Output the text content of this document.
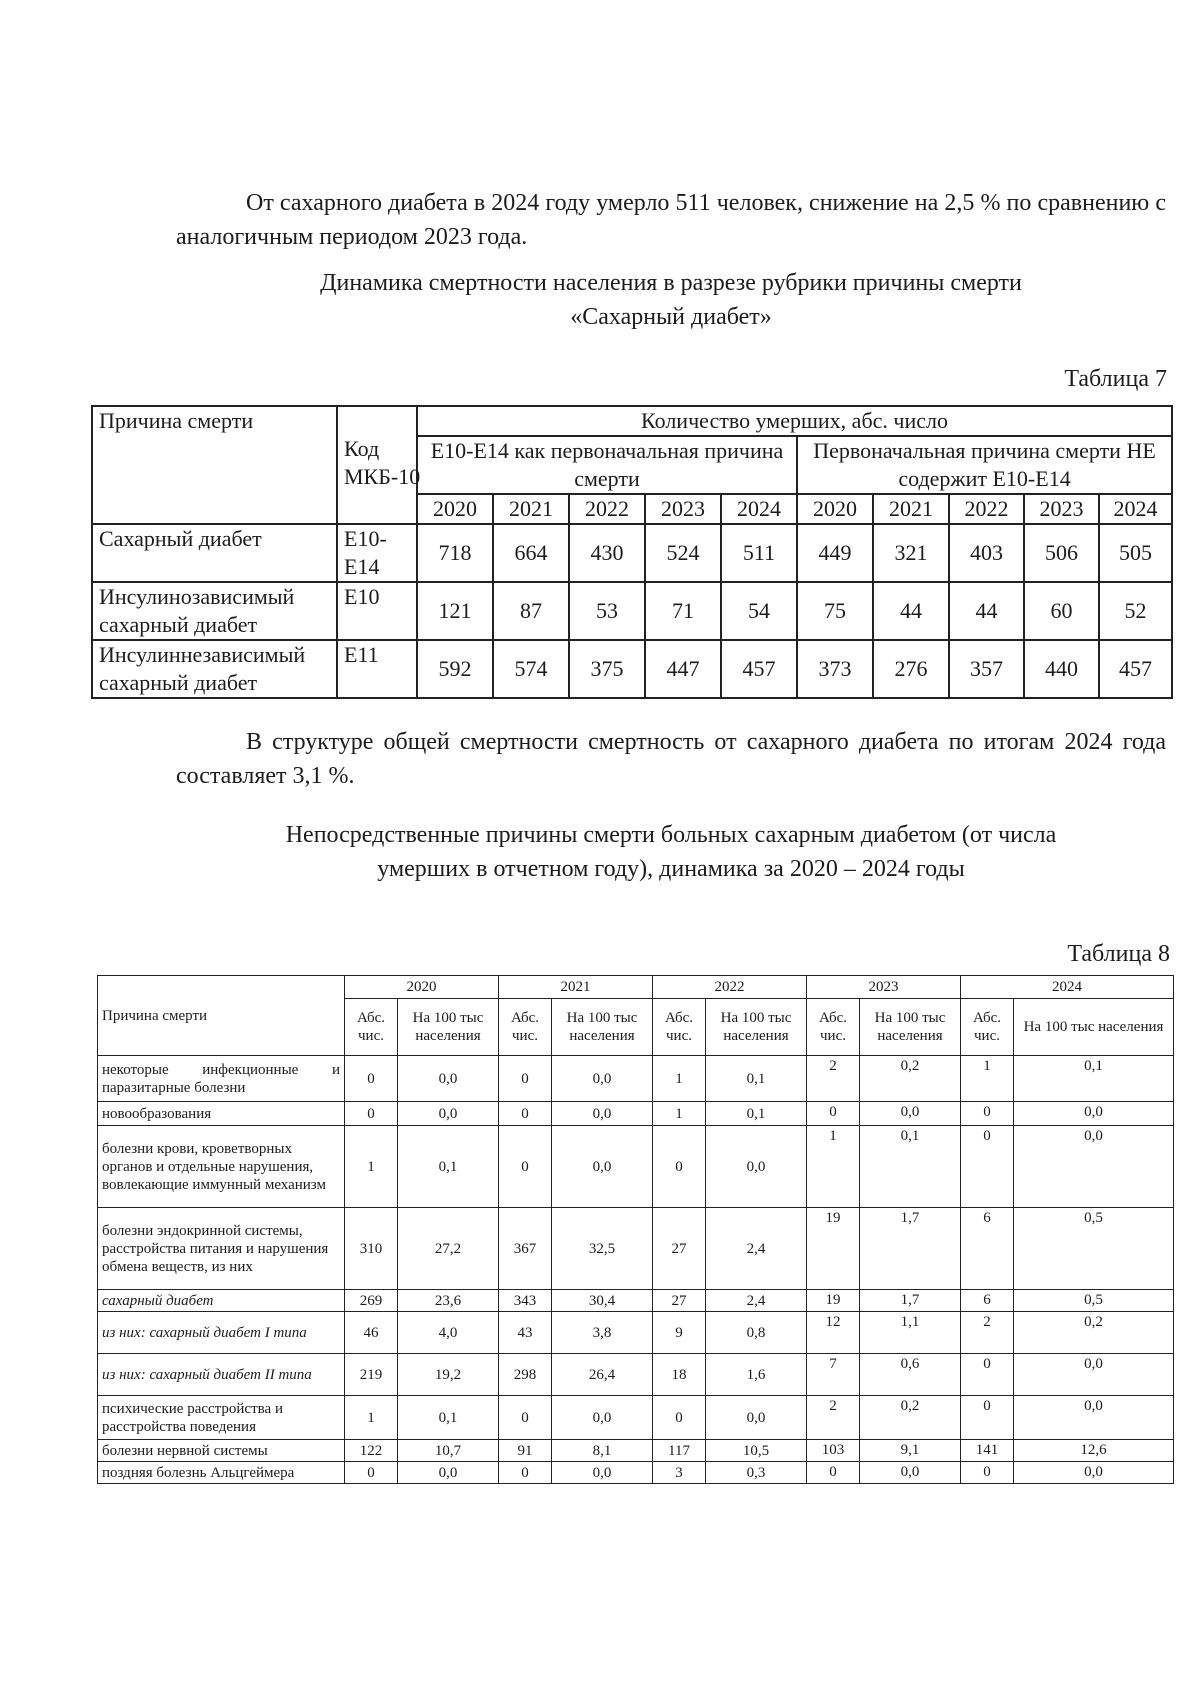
От сахарного диабета в 2024 году умерло 511 человек, снижение на 2,5 % по сравнению с аналогичным периодом 2023 года.
Динамика смертности населения в разрезе рубрики причины смерти
«Сахарный диабет»
Таблица 7
Причина смерти	Код МКБ-10	Количество умерших, абс. число									
		Е10-Е14 как первоначальная причина смерти					Первоначальная причина смерти НЕ содержит Е10-Е14				
		2020	2021	2022	2023	2024	2020	2021	2022	2023	2024
Сахарный диабет	Е10-Е14	718	664	430	524	511	449	321	403	506	505
Инсулинозависимый сахарный диабет	Е10	121	87	53	71	54	75	44	44	60	52
Инсулиннезависимый сахарный диабет	Е11	592	574	375	447	457	373	276	357	440	457
В структуре общей смертности смертность от сахарного диабета по итогам 2024 года составляет 3,1 %.
Непосредственные причины смерти больных сахарным диабетом (от числа
умерших в отчетном году), динамика за 2020 – 2024 годы
Таблица 8
Причина смерти	2020		2021		2022		2023		2024	
	Абс. чис.	На 100 тыс населения	Абс. чис.	На 100 тыс населения	Абс. чис.	На 100 тыс населения	Абс. чис.	На 100 тыс населения	Абс. чис.	На 100 тыс населения
некоторые инфекционные и паразитарные болезни	0	0,0	0	0,0	1	0,1	2	0,2	1	0,1
новообразования	0	0,0	0	0,0	1	0,1	0	0,0	0	0,0
болезни крови, кроветворных органов и отдельные нарушения, вовлекающие иммунный механизм	1	0,1	0	0,0	0	0,0	1	0,1	0	0,0
болезни эндокринной системы, расстройства питания и нарушения обмена веществ, из них	310	27,2	367	32,5	27	2,4	19	1,7	6	0,5
сахарный диабет	269	23,6	343	30,4	27	2,4	19	1,7	6	0,5
из них: сахарный диабет I типа	46	4,0	43	3,8	9	0,8	12	1,1	2	0,2
из них: сахарный диабет II типа	219	19,2	298	26,4	18	1,6	7	0,6	0	0,0
психические расстройства и расстройства поведения	1	0,1	0	0,0	0	0,0	2	0,2	0	0,0
болезни нервной системы	122	10,7	91	8,1	117	10,5	103	9,1	141	12,6
поздняя болезнь Альцгеймера	0	0,0	0	0,0	3	0,3	0	0,0	0	0,0
